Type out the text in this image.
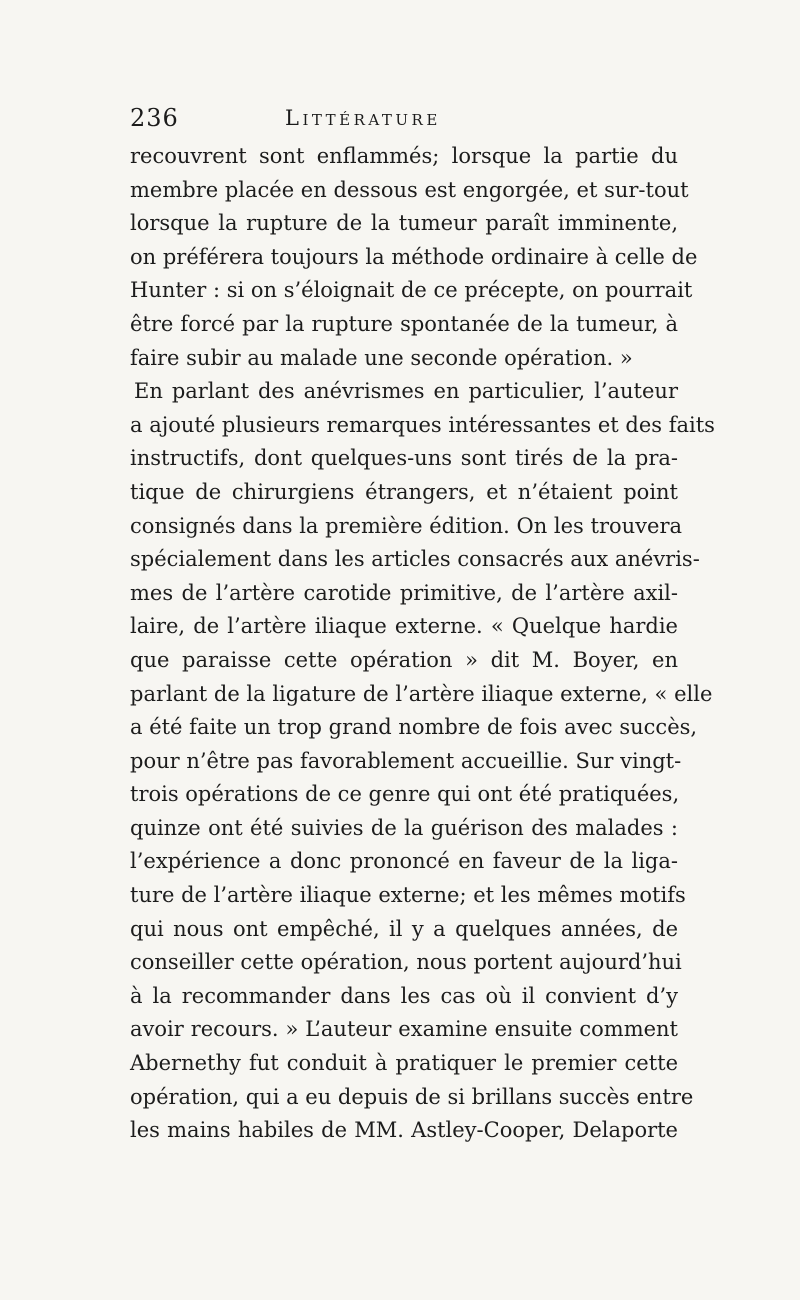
236	Littérature
recouvrent sont enflammés; lorsque la partie du
membre placée en dessous est engorgée, et sur-tout
lorsque la rupture de la tumeur paraît imminente,
on préférera toujours la méthode ordinaire à celle de
Hunter : si on s’éloignait de ce précepte, on pourrait
être forcé par la rupture spontanée de la tumeur, à
faire subir au malade une seconde opération. »
En parlant des anévrismes en particulier, l’auteur
a ajouté plusieurs remarques intéressantes et des faits
instructifs, dont quelques-uns sont tirés de la pra-
tique de chirurgiens étrangers, et n’étaient point
consignés dans la première édition. On les trouvera
spécialement dans les articles consacrés aux anévris-
mes de l’artère carotide primitive, de l’artère axil-
laire, de l’artère iliaque externe. « Quelque hardie
que paraisse cette opération » dit M. Boyer, en
parlant de la ligature de l’artère iliaque externe, « elle
a été faite un trop grand nombre de fois avec succès,
pour n’être pas favorablement accueillie. Sur vingt-
trois opérations de ce genre qui ont été pratiquées,
quinze ont été suivies de la guérison des malades :
l’expérience a donc prononcé en faveur de la liga-
ture de l’artère iliaque externe; et les mêmes motifs
qui nous ont empêché, il y a quelques années, de
conseiller cette opération, nous portent aujourd’hui
à la recommander dans les cas où il convient d’y
avoir recours. » L’auteur examine ensuite comment
Abernethy fut conduit à pratiquer le premier cette
opération, qui a eu depuis de si brillans succès entre
les mains habiles de MM. Astley-Cooper, Delaporte
